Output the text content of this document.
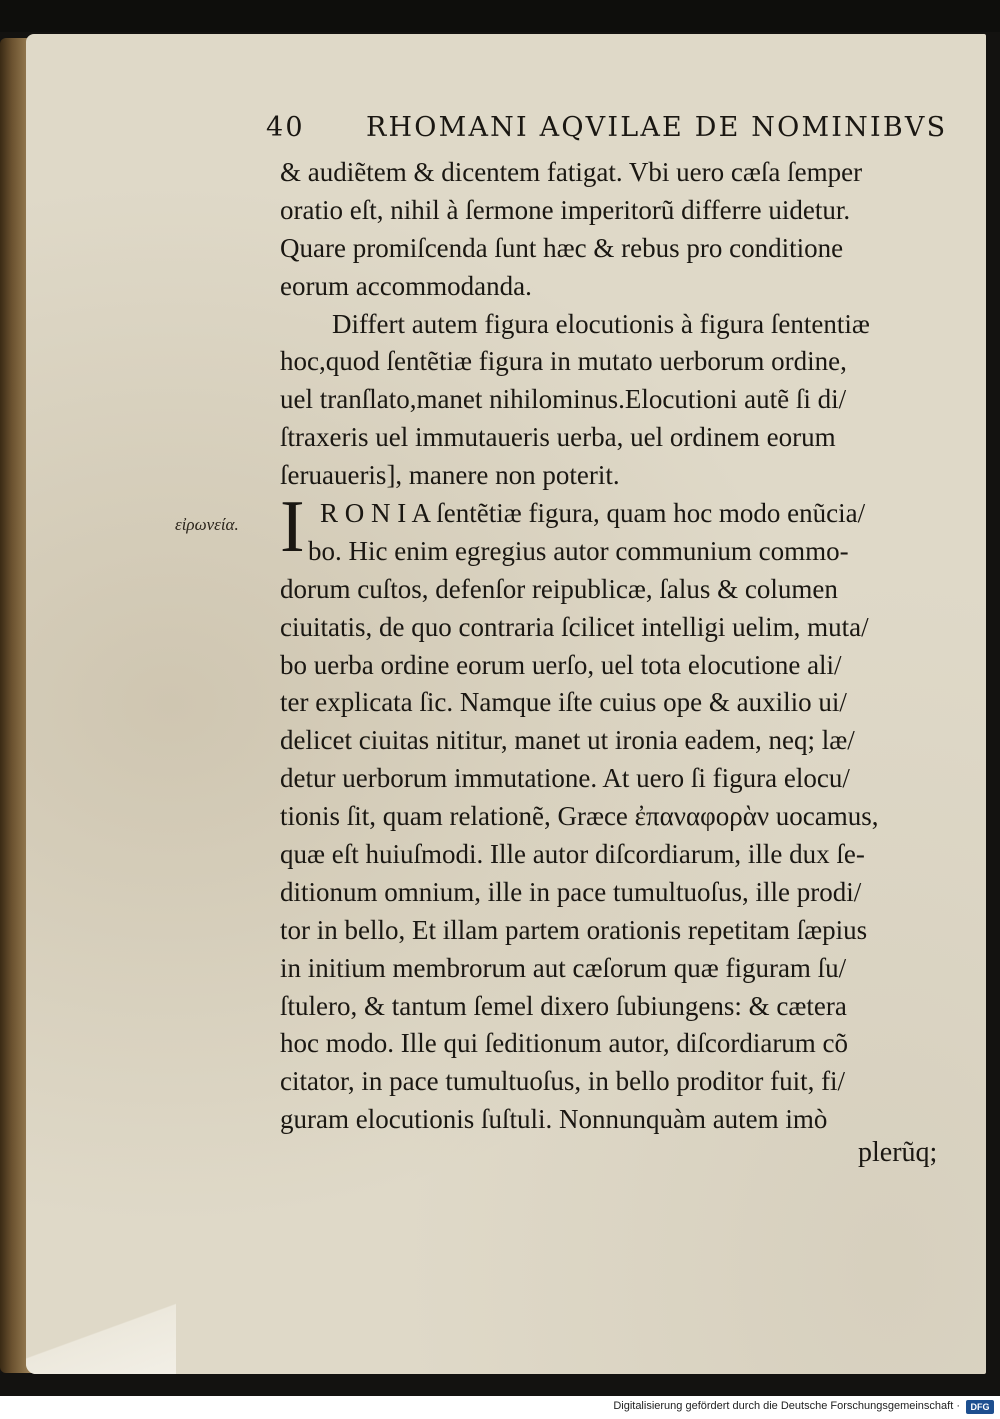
40 RHOMANI AQVILAE DE NOMINIBVS
εἰρωνεία.
& audiẽtem & dicentem fatigat. Vbi uero cæſa ſemper
oratio eſt, nihil à ſermone imperitorũ differre uidetur.
Quare promiſcenda ſunt hæc & rebus pro conditione
eorum accommodanda.
Differt autem figura elocutionis à figura ſententiæ
hoc,quod ſentẽtiæ figura in mutato uerborum ordine,
uel tranſlato,manet nihilominus.Elocutioni autẽ ſi di/
ſtraxeris uel immutaueris uerba, uel ordinem eorum
ſeruaueris], manere non poterit.
I R O N I A ſentẽtiæ figura, quam hoc modo enũcia/
bo. Hic enim egregius autor communium commo-
dorum cuſtos, defenſor reipublicæ, ſalus & columen
ciuitatis, de quo contraria ſcilicet intelligi uelim, muta/
bo uerba ordine eorum uerſo, uel tota elocutione ali/
ter explicata ſic. Namque iſte cuius ope & auxilio ui/
delicet ciuitas nititur, manet ut ironia eadem, neq; læ/
detur uerborum immutatione. At uero ſi figura elocu/
tionis ſit, quam relationẽ, Græce ἐπαναφορὰν uocamus,
quæ eſt huiuſmodi. Ille autor diſcordiarum, ille dux ſe-
ditionum omnium, ille in pace tumultuoſus, ille prodi/
tor in bello, Et illam partem orationis repetitam ſæpius
in initium membrorum aut cæſorum quæ figuram ſu/
ſtulero, & tantum ſemel dixero ſubiungens: & cætera
hoc modo. Ille qui ſeditionum autor, diſcordiarum cõ
citator, in pace tumultuoſus, in bello proditor fuit, fi/
guram elocutionis ſuſtuli. Nonnunquàm autem imò
plerũq;
Digitalisierung gefördert durch die Deutsche Forschungsgemeinschaft ·	DFG
